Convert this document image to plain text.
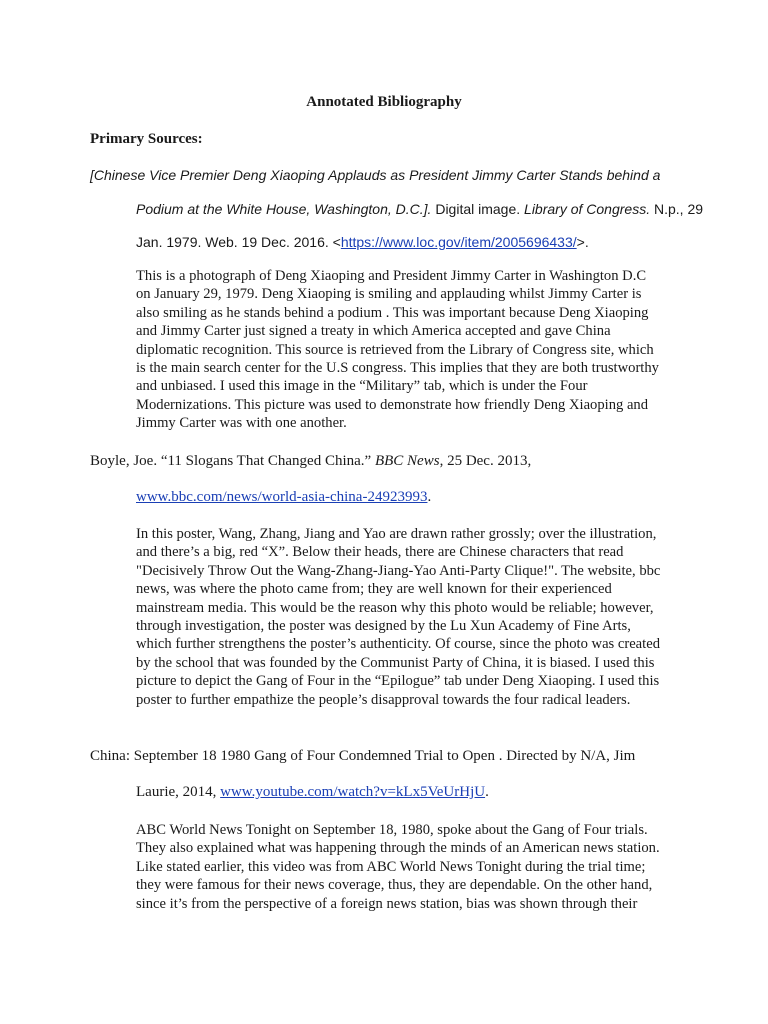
Annotated Bibliography
Primary Sources:
[Chinese Vice Premier Deng Xiaoping Applauds as President Jimmy Carter Stands behind a
Podium at the White House, Washington, D.C.]. Digital image. Library of Congress. N.p., 29
Jan. 1979. Web. 19 Dec. 2016. <https://www.loc.gov/item/2005696433/>.

This is a photograph of Deng Xiaoping and President Jimmy Carter in Washington D.C on January 29, 1979. Deng Xiaoping is smiling and applauding whilst Jimmy Carter is also smiling as he stands behind a podium . This was important because Deng Xiaoping and Jimmy Carter just signed a treaty in which America accepted and gave China diplomatic recognition. This source is retrieved from the Library of Congress site, which is the main search center for the U.S congress. This implies that they are both trustworthy and unbiased. I used this image in the “Military” tab, which is under the Four Modernizations. This picture was used to demonstrate how friendly Deng Xiaoping and Jimmy Carter was with one another.

Boyle, Joe. “11 Slogans That Changed China.” BBC News, 25 Dec. 2013,
www.bbc.com/news/world-asia-china-24923993.

In this poster, Wang, Zhang, Jiang and Yao are drawn rather grossly; over the illustration, and there’s a big, red “X”. Below their heads, there are Chinese characters that read "Decisively Throw Out the Wang-Zhang-Jiang-Yao Anti-Party Clique!". The website, bbc news, was where the photo came from; they are well known for their experienced mainstream media. This would be the reason why this photo would be reliable; however, through investigation, the poster was designed by the Lu Xun Academy of Fine Arts, which further strengthens the poster’s authenticity. Of course, since the photo was created by the school that was founded by the Communist Party of China, it is biased. I used this picture to depict the Gang of Four in the “Epilogue” tab under Deng Xiaoping. I used this poster to further empathize the people’s disapproval towards the four radical leaders.

China: September 18 1980 Gang of Four Condemned Trial to Open . Directed by N/A, Jim
Laurie, 2014, www.youtube.com/watch?v=kLx5VeUrHjU.

ABC World News Tonight on September 18, 1980, spoke about the Gang of Four trials. They also explained what was happening through the minds of an American news station. Like stated earlier, this video was from ABC World News Tonight during the trial time; they were famous for their news coverage, thus, they are dependable. On the other hand, since it’s from the perspective of a foreign news station, bias was shown through their
